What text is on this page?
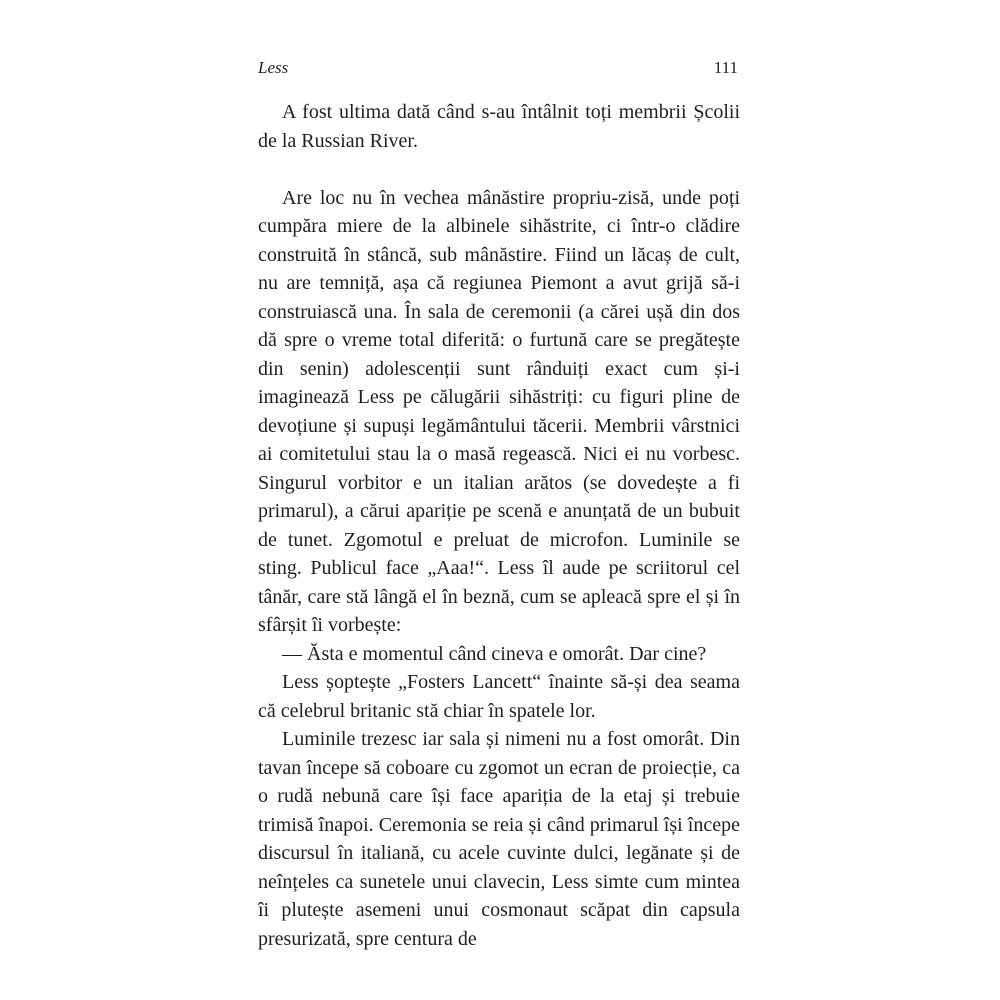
Less	111

A fost ultima dată când s-au întâlnit toți membrii Școlii de la Russian River.

Are loc nu în vechea mânăstire propriu-zisă, unde poți cumpăra miere de la albinele sihăstrite, ci într-o clădire construită în stâncă, sub mânăstire. Fiind un lăcaș de cult, nu are temniță, așa că regiunea Piemont a avut grijă să-i construiască una. În sala de ceremonii (a cărei ușă din dos dă spre o vreme total diferită: o furtună care se pregătește din senin) adolescenții sunt rânduiți exact cum și-i imaginează Less pe călugării sihăstriți: cu figuri pline de devoțiune și supuși legământului tăcerii. Membrii vârstnici ai comitetului stau la o masă regească. Nici ei nu vorbesc. Singurul vorbitor e un italian arătos (se dovedește a fi primarul), a cărui apariție pe scenă e anunțată de un bubuit de tunet. Zgomotul e preluat de microfon. Luminile se sting. Publicul face „Aaa!“. Less îl aude pe scriitorul cel tânăr, care stă lângă el în beznă, cum se apleacă spre el și în sfârșit îi vorbește:

— Ăsta e momentul când cineva e omorât. Dar cine?

Less șoptește „Fosters Lancett“ înainte să-și dea seama că celebrul britanic stă chiar în spatele lor.

Luminile trezesc iar sala și nimeni nu a fost omorât. Din tavan începe să coboare cu zgomot un ecran de proiecție, ca o rudă nebună care își face apariția de la etaj și trebuie trimisă înapoi. Ceremonia se reia și când primarul își începe discursul în italiană, cu acele cuvinte dulci, legănate și de neînțeles ca sunetele unui clavecin, Less simte cum mintea îi plutește asemeni unui cosmonaut scăpat din capsula presurizată, spre centura de
